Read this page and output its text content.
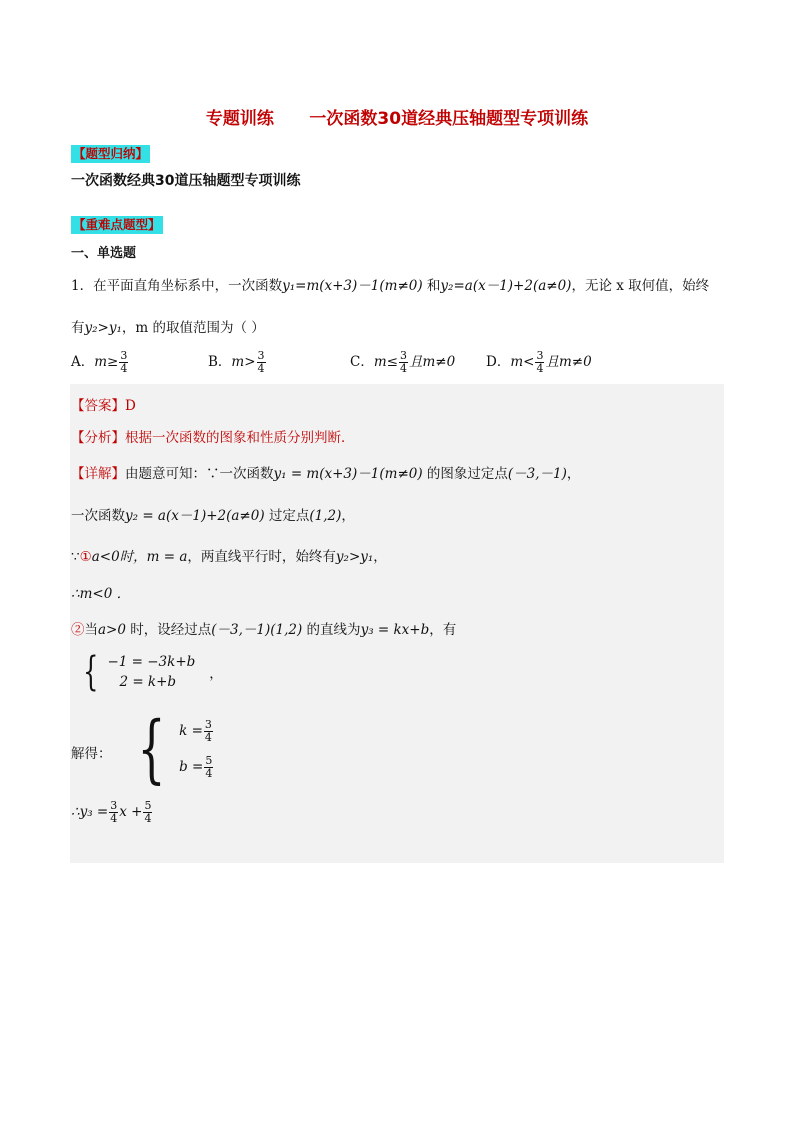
专题训练      一次函数30道经典压轴题型专项训练
【题型归纳】
一次函数经典30道压轴题型专项训练
【重难点题型】
一、单选题
1．在平面直角坐标系中，一次函数y₁=m(x+3)－1(m≠0) 和y₂=a(x－1)+2(a≠0)，无论 x 取何值，始终
有y₂>y₁，m 的取值范围为（ ）
A．$m\ge \frac{3}{4}$	B．$m> \frac{3}{4}$	C．$m\le \frac{3}{4}$ 且m≠0 D．$m< \frac{3}{4}$ 且m≠0
【答案】D
【分析】根据一次函数的图象和性质分别判断．
【详解】由题意可知：∵一次函数y₁ = m(x+3)－1(m≠0) 的图象过定点(－3,－1)，
一次函数y₂ = a(x－1)+2(a≠0) 过定点(1,2)，
∵①a<0时，m = a，两直线平行时，始终有y₂>y₁，
∴m<0 ．
②当a>0 时，设经过点(－3,－1)(1,2) 的直线为y₃ = kx+b，有
{ −1 = −3k+b
2 = k+b	，
解得： { $k = \frac{3}{4}$
$b = \frac{5}{4}$
∴y₃ = $\frac{3}{4}$ $x + \frac{5}{4}$
